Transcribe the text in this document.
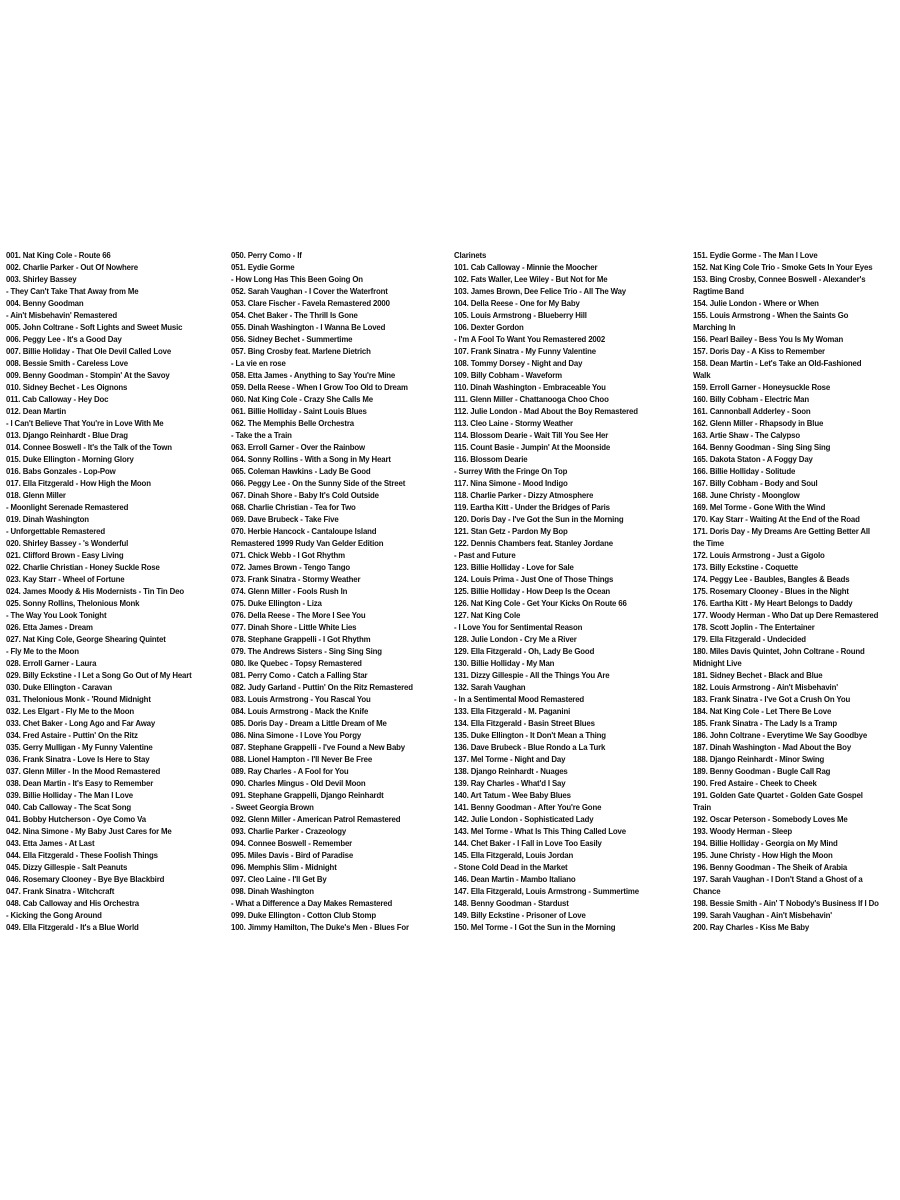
001. Nat King Cole - Route 66
002. Charlie Parker - Out Of Nowhere
003. Shirley Bassey
- They Can't Take That Away from Me
004. Benny Goodman
- Ain't Misbehavin' Remastered
005. John Coltrane - Soft Lights and Sweet Music
006. Peggy Lee - It's a Good Day
007. Billie Holiday - That Ole Devil Called Love
008. Bessie Smith - Careless Love
009. Benny Goodman - Stompin' At the Savoy
010. Sidney Bechet - Les Oignons
011. Cab Calloway - Hey Doc
012. Dean Martin
- I Can't Believe That You're in Love With Me
013. Django Reinhardt - Blue Drag
014. Connee Boswell - It's the Talk of the Town
015. Duke Ellington - Morning Glory
016. Babs Gonzales - Lop-Pow
017. Ella Fitzgerald - How High the Moon
018. Glenn Miller
- Moonlight Serenade Remastered
019. Dinah Washington
- Unforgettable Remastered
020. Shirley Bassey - 's Wonderful
021. Clifford Brown - Easy Living
022. Charlie Christian - Honey Suckle Rose
023. Kay Starr - Wheel of Fortune
024. James Moody & His Modernists - Tin Tin Deo
025. Sonny Rollins, Thelonious Monk
- The Way You Look Tonight
026. Etta James - Dream
027. Nat King Cole, George Shearing Quintet
- Fly Me to the Moon
028. Erroll Garner - Laura
029. Billy Eckstine - I Let a Song Go Out of My Heart
030. Duke Ellington - Caravan
031. Thelonious Monk - 'Round Midnight
032. Les Elgart - Fly Me to the Moon
033. Chet Baker - Long Ago and Far Away
034. Fred Astaire - Puttin' On the Ritz
035. Gerry Mulligan - My Funny Valentine
036. Frank Sinatra - Love Is Here to Stay
037. Glenn Miller - In the Mood Remastered
038. Dean Martin - It's Easy to Remember
039. Billie Holliday - The Man I Love
040. Cab Calloway - The Scat Song
041. Bobby Hutcherson - Oye Como Va
042. Nina Simone - My Baby Just Cares for Me
043. Etta James - At Last
044. Ella Fitzgerald - These Foolish Things
045. Dizzy Gillespie - Salt Peanuts
046. Rosemary Clooney - Bye Bye Blackbird
047. Frank Sinatra - Witchcraft
048. Cab Calloway and His Orchestra
- Kicking the Gong Around
049. Ella Fitzgerald - It's a Blue World
050. Perry Como - If
051. Eydie Gorme
- How Long Has This Been Going On
052. Sarah Vaughan - I Cover the Waterfront
053. Clare Fischer - Favela Remastered 2000
054. Chet Baker - The Thrill Is Gone
055. Dinah Washington - I Wanna Be Loved
056. Sidney Bechet - Summertime
057. Bing Crosby feat. Marlene Dietrich
- La vie en rose
058. Etta James - Anything to Say You're Mine
059. Della Reese - When I Grow Too Old to Dream
060. Nat King Cole - Crazy She Calls Me
061. Billie Holliday - Saint Louis Blues
062. The Memphis Belle Orchestra
- Take the a Train
063. Erroll Garner - Over the Rainbow
064. Sonny Rollins - With a Song in My Heart
065. Coleman Hawkins - Lady Be Good
066. Peggy Lee - On the Sunny Side of the Street
067. Dinah Shore - Baby It's Cold Outside
068. Charlie Christian - Tea for Two
069. Dave Brubeck - Take Five
070. Herbie Hancock - Cantaloupe Island
Remastered 1999 Rudy Van Gelder Edition
071. Chick Webb - I Got Rhythm
072. James Brown - Tengo Tango
073. Frank Sinatra - Stormy Weather
074. Glenn Miller - Fools Rush In
075. Duke Ellington - Liza
076. Della Reese - The More I See You
077. Dinah Shore - Little White Lies
078. Stephane Grappelli - I Got Rhythm
079. The Andrews Sisters - Sing Sing Sing
080. Ike Quebec - Topsy Remastered
081. Perry Como - Catch a Falling Star
082. Judy Garland - Puttin' On the Ritz Remastered
083. Louis Armstrong - You Rascal You
084. Louis Armstrong - Mack the Knife
085. Doris Day - Dream a Little Dream of Me
086. Nina Simone - I Love You Porgy
087. Stephane Grappelli - I've Found a New Baby
088. Lionel Hampton - I'll Never Be Free
089. Ray Charles - A Fool for You
090. Charles Mingus - Old Devil Moon
091. Stephane Grappelli, Django Reinhardt
- Sweet Georgia Brown
092. Glenn Miller - American Patrol Remastered
093. Charlie Parker - Crazeology
094. Connee Boswell - Remember
095. Miles Davis - Bird of Paradise
096. Memphis Slim - Midnight
097. Cleo Laine - I'll Get By
098. Dinah Washington
- What a Difference a Day Makes Remastered
099. Duke Ellington - Cotton Club Stomp
100. Jimmy Hamilton, The Duke's Men - Blues For
Clarinets
101. Cab Calloway - Minnie the Moocher
102. Fats Waller, Lee Wiley - But Not for Me
103. James Brown, Dee Felice Trio - All The Way
104. Della Reese - One for My Baby
105. Louis Armstrong - Blueberry Hill
106. Dexter Gordon
- I'm A Fool To Want You Remastered 2002
107. Frank Sinatra - My Funny Valentine
108. Tommy Dorsey - Night and Day
109. Billy Cobham - Waveform
110. Dinah Washington - Embraceable You
111. Glenn Miller - Chattanooga Choo Choo
112. Julie London - Mad About the Boy Remastered
113. Cleo Laine - Stormy Weather
114. Blossom Dearie - Wait Till You See Her
115. Count Basie - Jumpin' At the Moonside
116. Blossom Dearie
- Surrey With the Fringe On Top
117. Nina Simone - Mood Indigo
118. Charlie Parker - Dizzy Atmosphere
119. Eartha Kitt - Under the Bridges of Paris
120. Doris Day - I've Got the Sun in the Morning
121. Stan Getz - Pardon My Bop
122. Dennis Chambers feat. Stanley Jordane
- Past and Future
123. Billie Holliday - Love for Sale
124. Louis Prima - Just One of Those Things
125. Billie Holliday - How Deep Is the Ocean
126. Nat King Cole - Get Your Kicks On Route 66
127. Nat King Cole
- I Love You for Sentimental Reason
128. Julie London - Cry Me a River
129. Ella Fitzgerald - Oh, Lady Be Good
130. Billie Holliday - My Man
131. Dizzy Gillespie - All the Things You Are
132. Sarah Vaughan
- In a Sentimental Mood Remastered
133. Ella Fitzgerald - M. Paganini
134. Ella Fitzgerald - Basin Street Blues
135. Duke Ellington - It Don't Mean a Thing
136. Dave Brubeck - Blue Rondo a La Turk
137. Mel Torme - Night and Day
138. Django Reinhardt - Nuages
139. Ray Charles - What'd I Say
140. Art Tatum - Wee Baby Blues
141. Benny Goodman - After You're Gone
142. Julie London - Sophisticated Lady
143. Mel Torme - What Is This Thing Called Love
144. Chet Baker - I Fall in Love Too Easily
145. Ella Fitzgerald, Louis Jordan
- Stone Cold Dead in the Market
146. Dean Martin - Mambo Italiano
147. Ella Fitzgerald, Louis Armstrong - Summertime
148. Benny Goodman - Stardust
149. Billy Eckstine - Prisoner of Love
150. Mel Torme - I Got the Sun in the Morning
151. Eydie Gorme - The Man I Love
152. Nat King Cole Trio - Smoke Gets In Your Eyes
153. Bing Crosby, Connee Boswell - Alexander's
Ragtime Band
154. Julie London - Where or When
155. Louis Armstrong - When the Saints Go
Marching In
156. Pearl Bailey - Bess You Is My Woman
157. Doris Day - A Kiss to Remember
158. Dean Martin - Let's Take an Old-Fashioned
Walk
159. Erroll Garner - Honeysuckle Rose
160. Billy Cobham - Electric Man
161. Cannonball Adderley - Soon
162. Glenn Miller - Rhapsody in Blue
163. Artie Shaw - The Calypso
164. Benny Goodman - Sing Sing Sing
165. Dakota Staton - A Foggy Day
166. Billie Holliday - Solitude
167. Billy Cobham - Body and Soul
168. June Christy - Moonglow
169. Mel Torme - Gone With the Wind
170. Kay Starr - Waiting At the End of the Road
171. Doris Day - My Dreams Are Getting Better All
the Time
172. Louis Armstrong - Just a Gigolo
173. Billy Eckstine - Coquette
174. Peggy Lee - Baubles, Bangles & Beads
175. Rosemary Clooney - Blues in the Night
176. Eartha Kitt - My Heart Belongs to Daddy
177. Woody Herman - Who Dat up Dere Remastered
178. Scott Joplin - The Entertainer
179. Ella Fitzgerald - Undecided
180. Miles Davis Quintet, John Coltrane - Round
Midnight Live
181. Sidney Bechet - Black and Blue
182. Louis Armstrong - Ain't Misbehavin'
183. Frank Sinatra - I've Got a Crush On You
184. Nat King Cole - Let There Be Love
185. Frank Sinatra - The Lady Is a Tramp
186. John Coltrane - Everytime We Say Goodbye
187. Dinah Washington - Mad About the Boy
188. Django Reinhardt - Minor Swing
189. Benny Goodman - Bugle Call Rag
190. Fred Astaire - Cheek to Cheek
191. Golden Gate Quartet - Golden Gate Gospel
Train
192. Oscar Peterson - Somebody Loves Me
193. Woody Herman - Sleep
194. Billie Holliday - Georgia on My Mind
195. June Christy - How High the Moon
196. Benny Goodman - The Sheik of Arabia
197. Sarah Vaughan - I Don't Stand a Ghost of a
Chance
198. Bessie Smith - Ain' T Nobody's Business If I Do
199. Sarah Vaughan - Ain't Misbehavin'
200. Ray Charles - Kiss Me Baby
